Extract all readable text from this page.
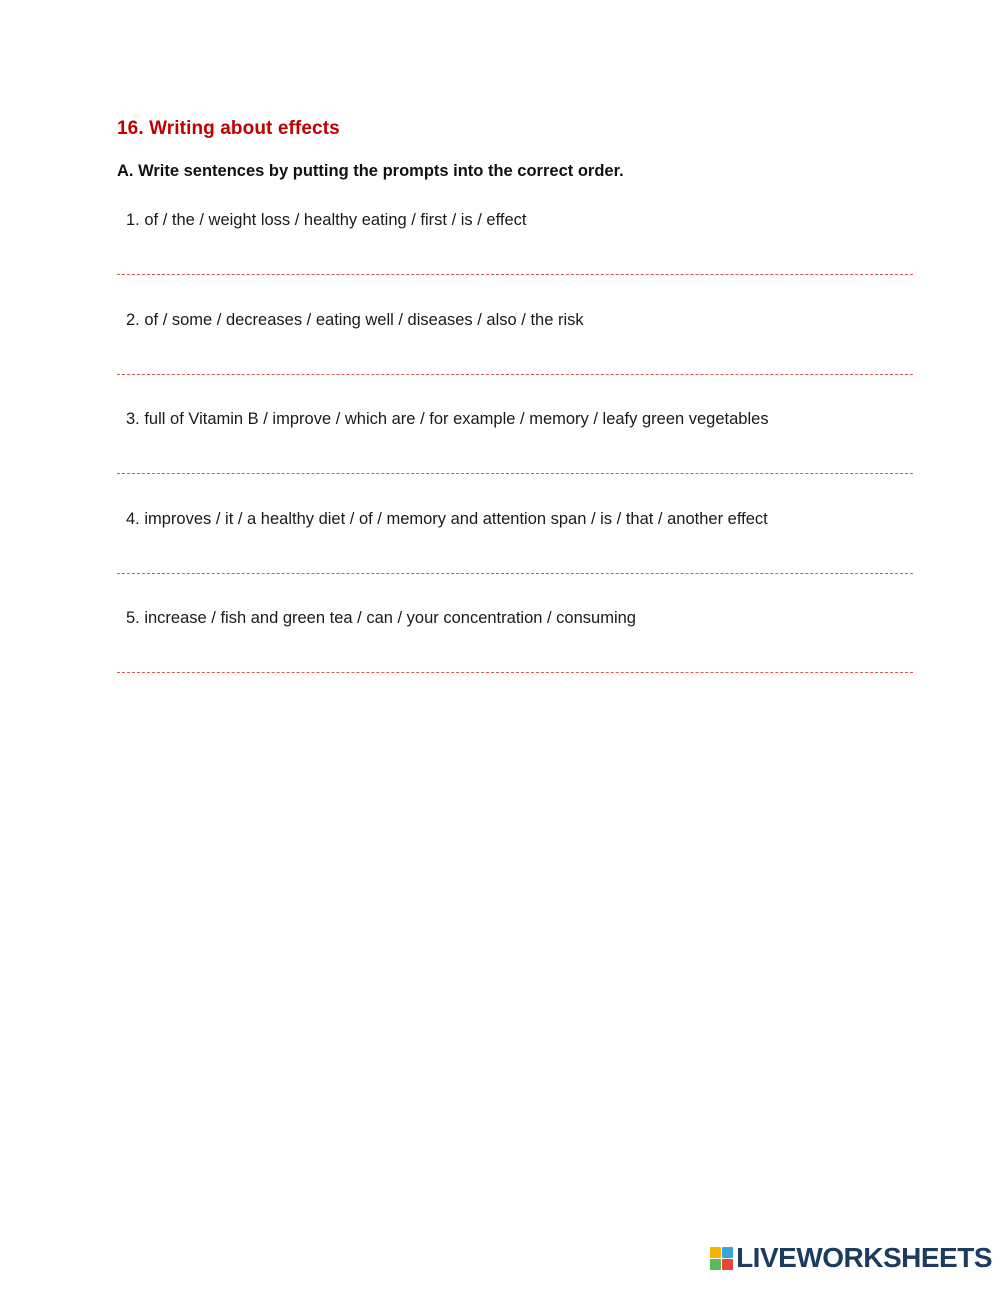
16. Writing about effects

A. Write sentences by putting the prompts into the correct order.

1. of / the / weight loss / healthy eating / first / is / effect
2. of / some / decreases / eating well / diseases / also / the risk
3. full of Vitamin B / improve / which are / for example / memory / leafy green vegetables
4. improves / it / a healthy diet / of / memory and attention span / is / that / another effect
5. increase / fish and green tea / can / your concentration / consuming
LIVEWORKSHEETS
